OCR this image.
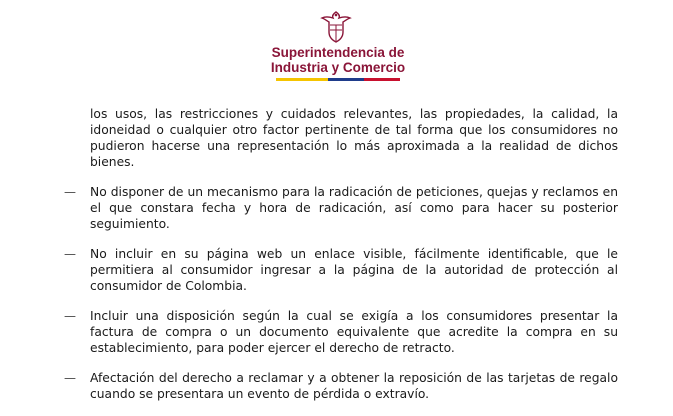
Superintendencia de
Industria y Comercio

los usos, las restricciones y cuidados relevantes, las propiedades, la calidad, la idoneidad o cualquier otro factor pertinente de tal forma que los consumidores no pudieron hacerse una representación lo más aproximada a la realidad de dichos bienes.

—	No disponer de un mecanismo para la radicación de peticiones, quejas y reclamos en el que constara fecha y hora de radicación, así como para hacer su posterior seguimiento.
—	No incluir en su página web un enlace visible, fácilmente identificable, que le permitiera al consumidor ingresar a la página de la autoridad de protección al consumidor de Colombia.
—	Incluir una disposición según la cual se exigía a los consumidores presentar la factura de compra o un documento equivalente que acredite la compra en su establecimiento, para poder ejercer el derecho de retracto.
—	Afectación del derecho a reclamar y a obtener la reposición de las tarjetas de regalo cuando se presentara un evento de pérdida o extravío.
